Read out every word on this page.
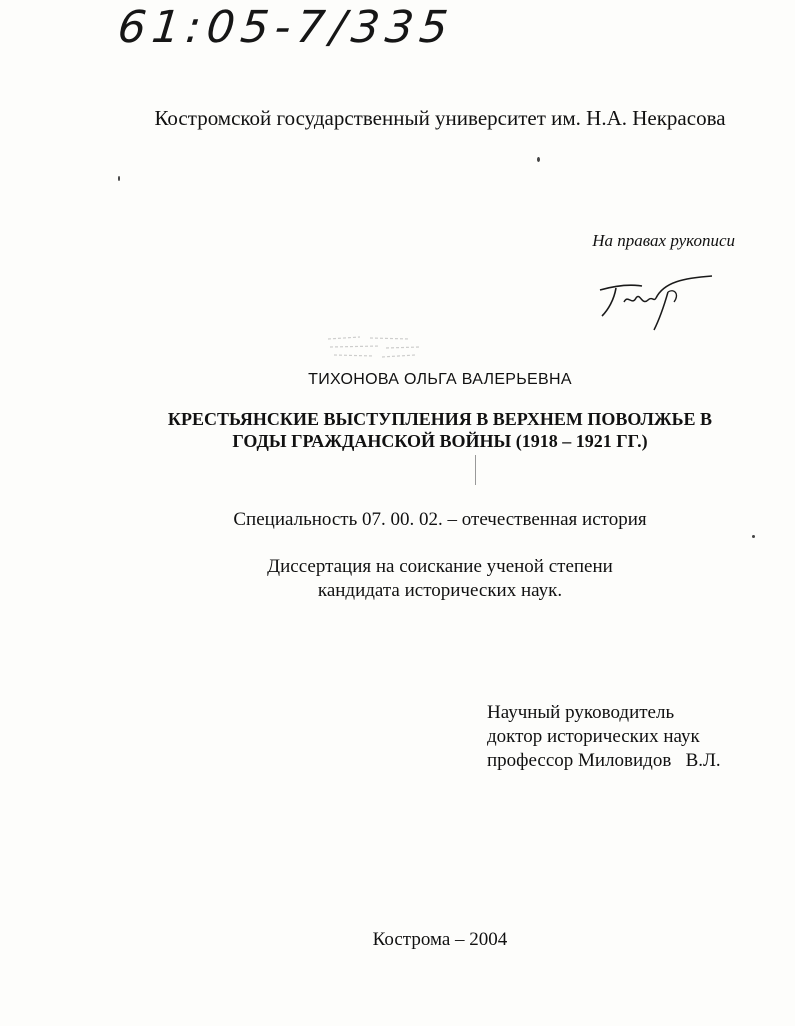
61:05-7/335
Костромской государственный университет им. Н.А. Некрасова
На правах рукописи
ТИХОНОВА ОЛЬГА ВАЛЕРЬЕВНА
КРЕСТЬЯНСКИЕ ВЫСТУПЛЕНИЯ В ВЕРХНЕМ ПОВОЛЖЬЕ В
ГОДЫ ГРАЖДАНСКОЙ ВОЙНЫ (1918 – 1921 ГГ.)
Специальность 07. 00. 02. – отечественная история
Диссертация на соискание ученой степени
кандидата исторических наук.
Научный руководитель
доктор исторических наук
профессор Миловидов   В.Л.
Кострома – 2004
